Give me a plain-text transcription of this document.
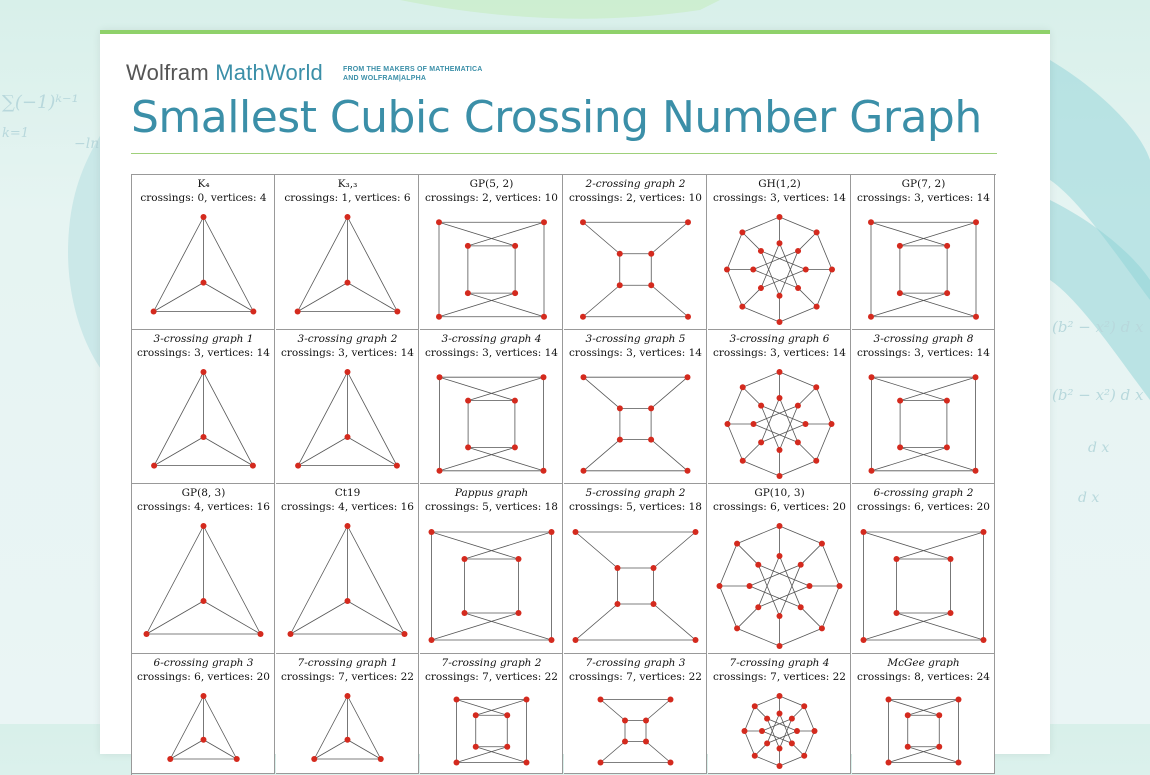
∑(−1)ᵏ⁻¹
k=1
−ln
(b² − x²) d x
(b² − x²) d x
d x
d x
Wolfram MathWorld	FROM THE MAKERS OF MATHEMATICA
AND WOLFRAM|ALPHA
Smallest Cubic Crossing Number Graph
K₄
crossings: 0, vertices: 4
K₃,₃
crossings: 1, vertices: 6
GP(5, 2)
crossings: 2, vertices: 10
2-crossing graph 2
crossings: 2, vertices: 10
GH(1,2)
crossings: 3, vertices: 14
GP(7, 2)
crossings: 3, vertices: 14
3-crossing graph 1
crossings: 3, vertices: 14
3-crossing graph 2
crossings: 3, vertices: 14
3-crossing graph 4
crossings: 3, vertices: 14
3-crossing graph 5
crossings: 3, vertices: 14
3-crossing graph 6
crossings: 3, vertices: 14
3-crossing graph 8
crossings: 3, vertices: 14
GP(8, 3)
crossings: 4, vertices: 16
Ct19
crossings: 4, vertices: 16
Pappus graph
crossings: 5, vertices: 18
5-crossing graph 2
crossings: 5, vertices: 18
GP(10, 3)
crossings: 6, vertices: 20
6-crossing graph 2
crossings: 6, vertices: 20
6-crossing graph 3
crossings: 6, vertices: 20
7-crossing graph 1
crossings: 7, vertices: 22
7-crossing graph 2
crossings: 7, vertices: 22
7-crossing graph 3
crossings: 7, vertices: 22
7-crossing graph 4
crossings: 7, vertices: 22
McGee graph
crossings: 8, vertices: 24
